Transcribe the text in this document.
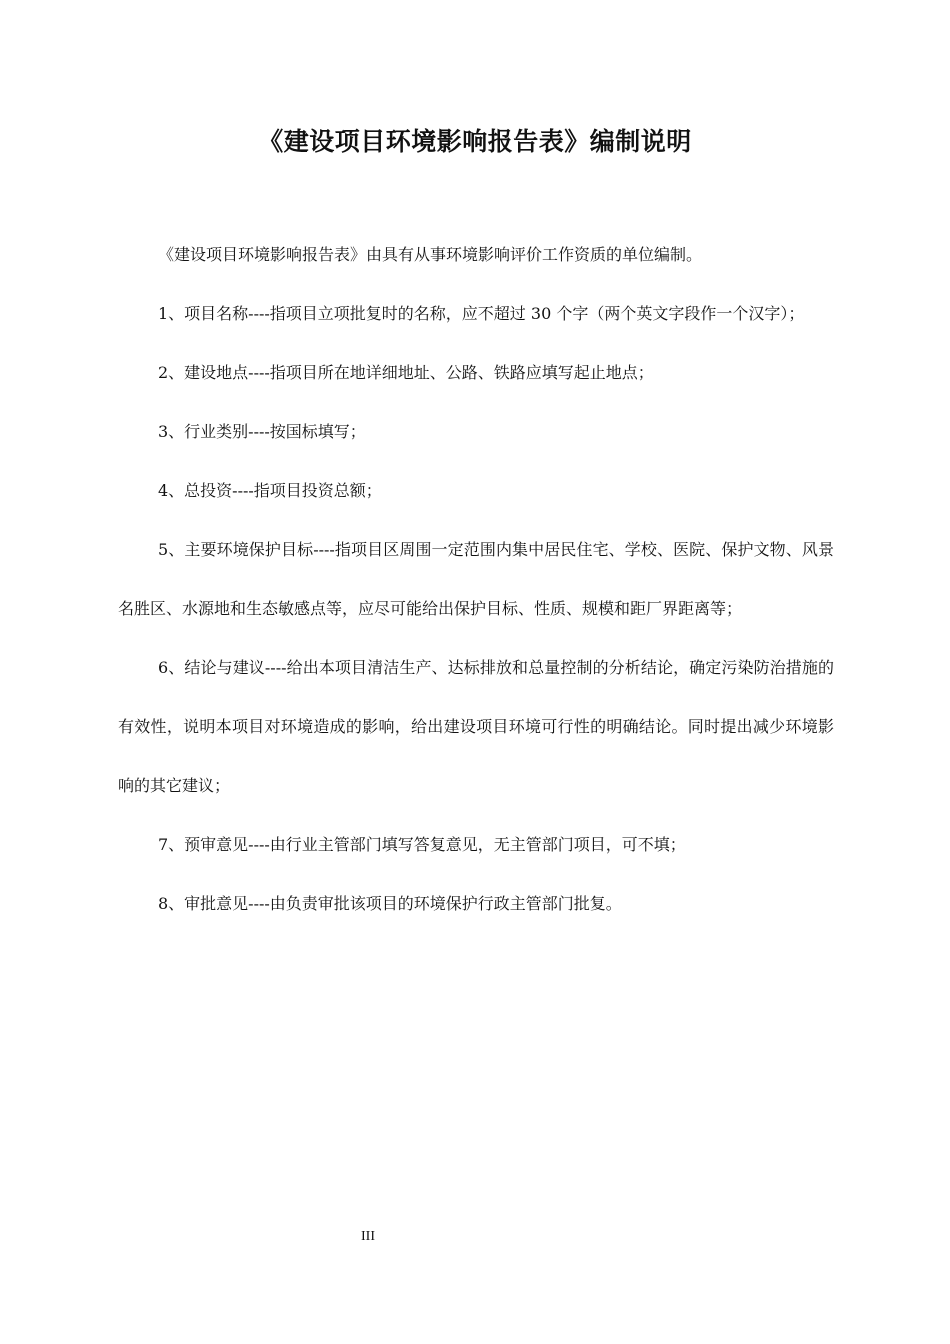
《建设项目环境影响报告表》编制说明

《建设项目环境影响报告表》由具有从事环境影响评价工作资质的单位编制。

1、项目名称----指项目立项批复时的名称，应不超过 30 个字（两个英文字段作一个汉字）；

2、建设地点----指项目所在地详细地址、公路、铁路应填写起止地点；

3、行业类别----按国标填写；

4、总投资----指项目投资总额；

5、主要环境保护目标----指项目区周围一定范围内集中居民住宅、学校、医院、保护文物、风景名胜区、水源地和生态敏感点等，应尽可能给出保护目标、性质、规模和距厂界距离等；

6、结论与建议----给出本项目清洁生产、达标排放和总量控制的分析结论，确定污染防治措施的有效性，说明本项目对环境造成的影响，给出建设项目环境可行性的明确结论。同时提出减少环境影响的其它建议；

7、预审意见----由行业主管部门填写答复意见，无主管部门项目，可不填；

8、审批意见----由负责审批该项目的环境保护行政主管部门批复。

III
